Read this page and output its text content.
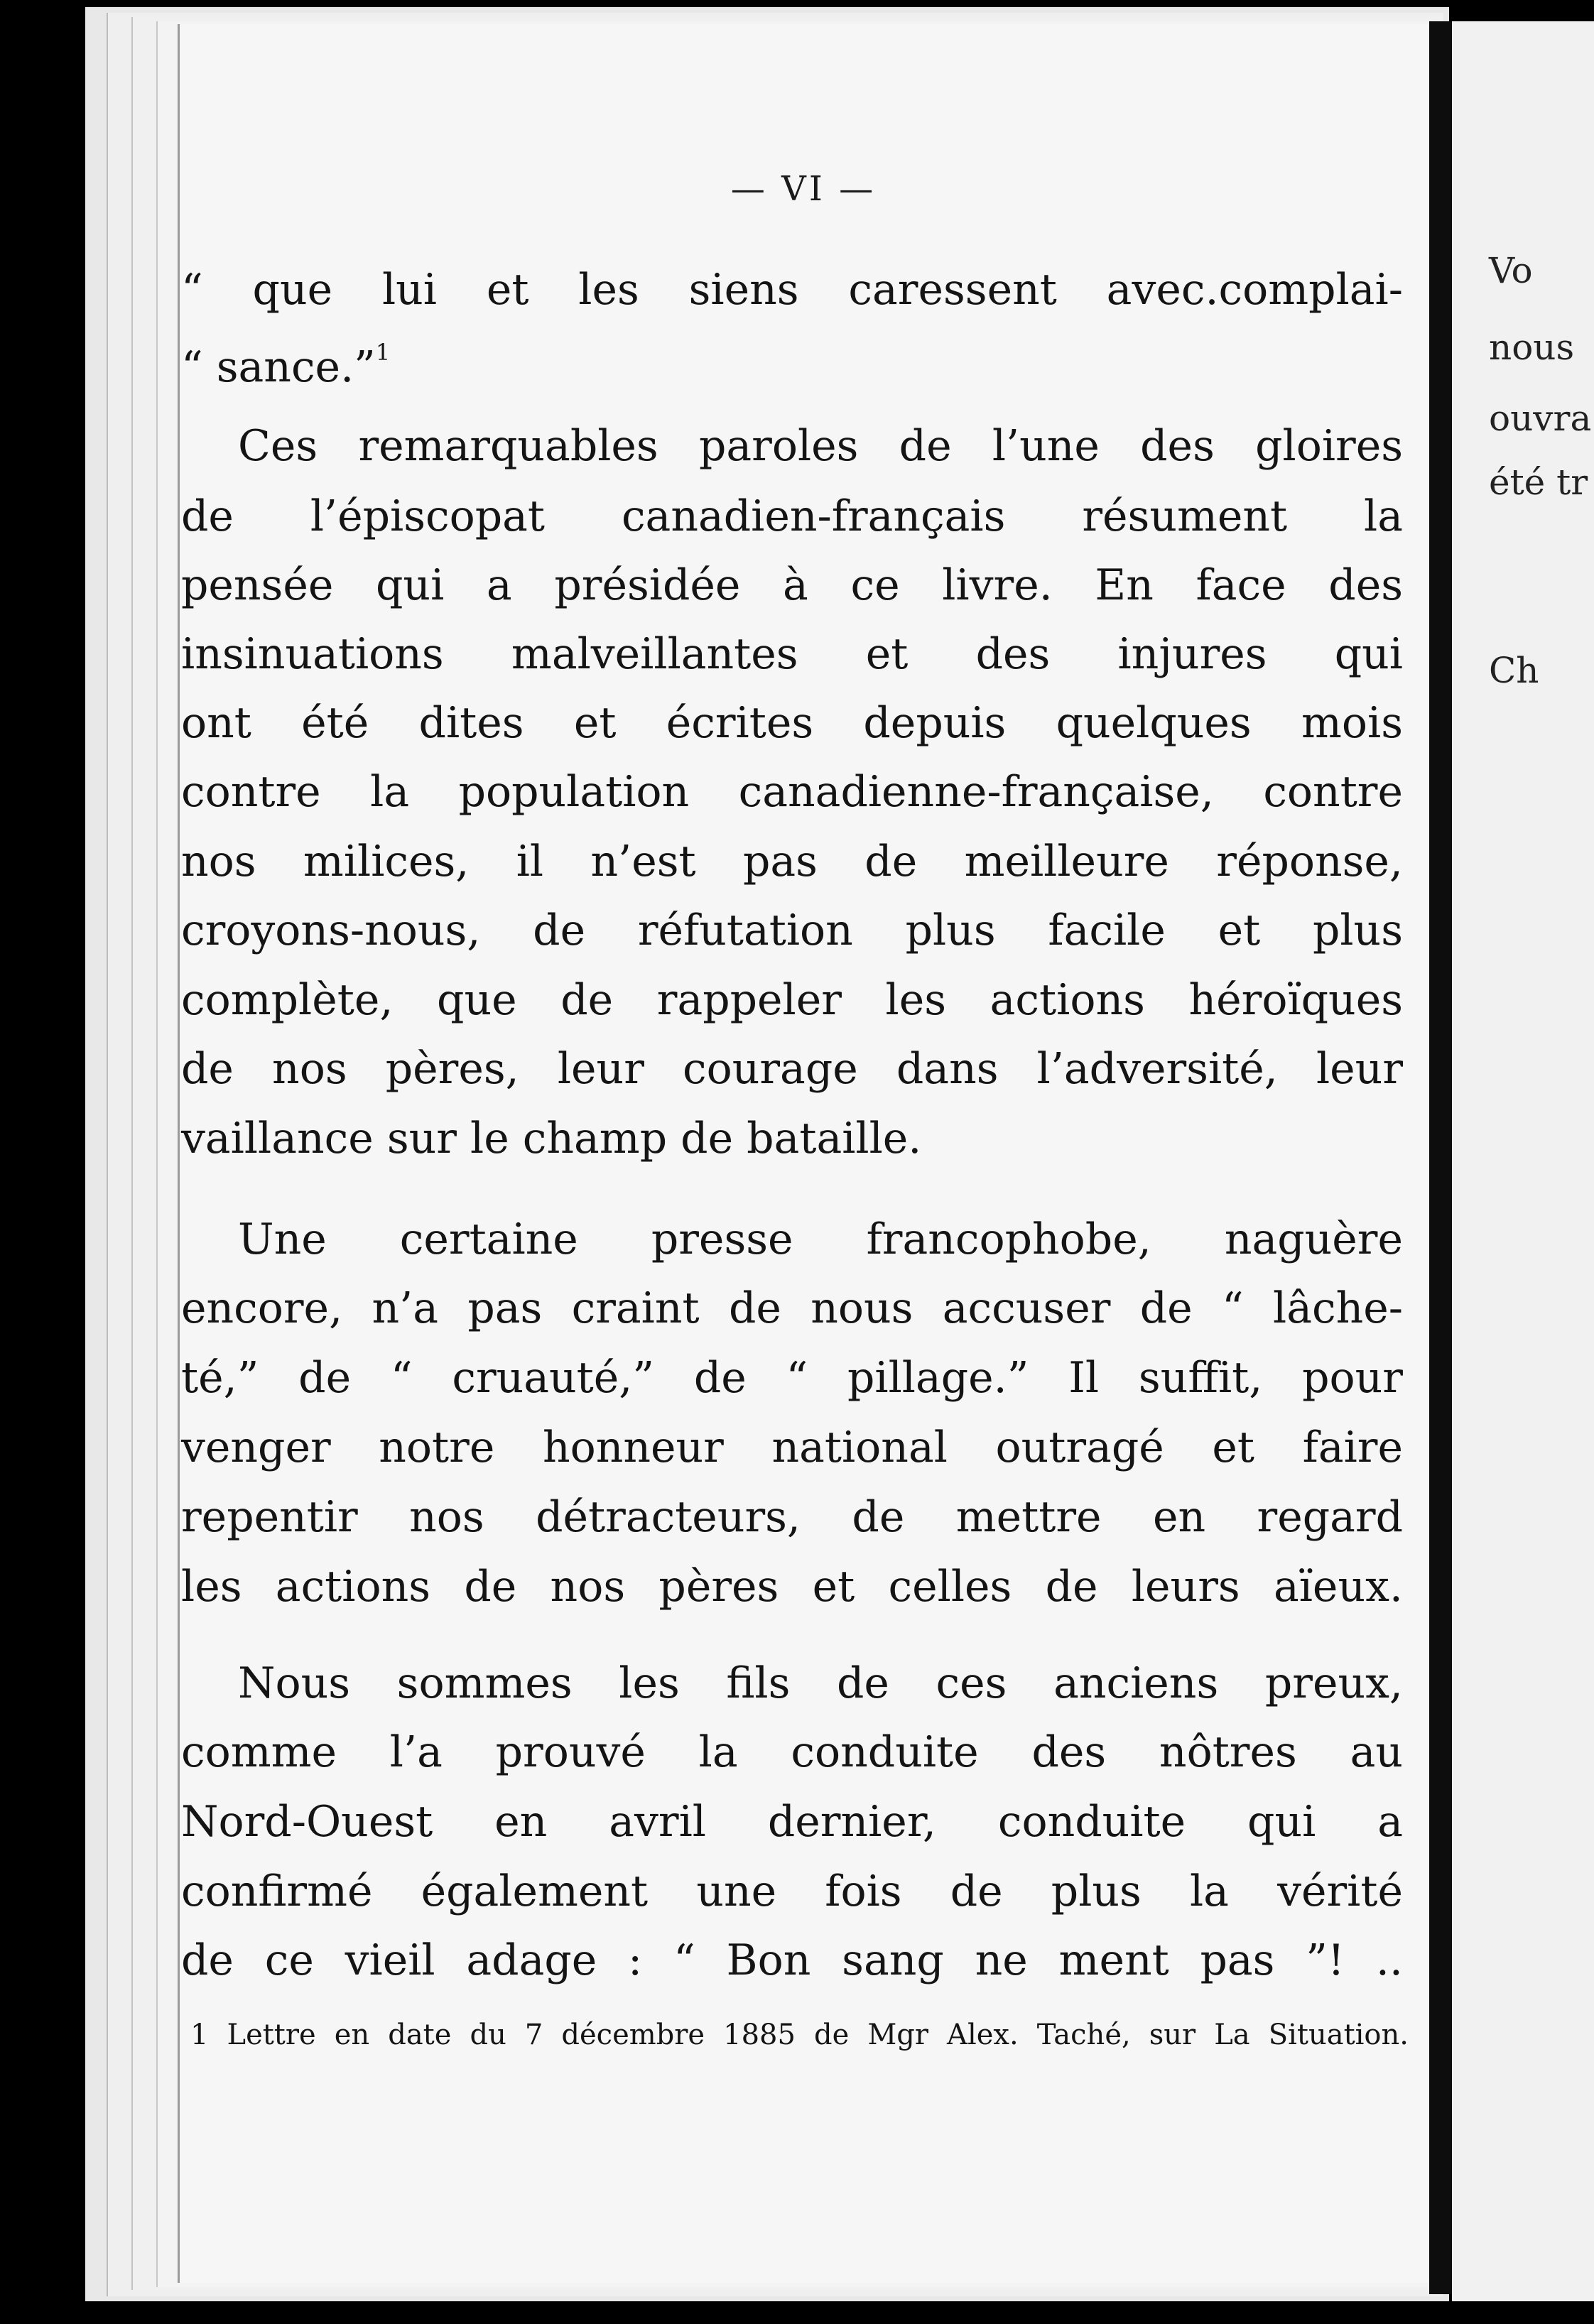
Vo
nous
ouvra
été tr
Ch
— VI —
“ que lui et les siens caressent avec.complai-
“ sance.”$^1$
Ces remarquables paroles de l’une des gloires
de l’épiscopat canadien-français résument la
pensée qui a présidée à ce livre. En face des
insinuations malveillantes et des injures qui
ont été dites et écrites depuis quelques mois
contre la population canadienne-française, contre
nos milices, il n’est pas de meilleure réponse,
croyons-nous, de réfutation plus facile et plus
complète, que de rappeler les actions héroïques
de nos pères, leur courage dans l’adversité, leur
vaillance sur le champ de bataille.
Une certaine presse francophobe, naguère
encore, n’a pas craint de nous accuser de “ lâche-
té,” de “ cruauté,” de “ pillage.” Il suffit, pour
venger notre honneur national outragé et faire
repentir nos détracteurs, de mettre en regard
les actions de nos pères et celles de leurs aïeux.
Nous sommes les fils de ces anciens preux,
comme l’a prouvé la conduite des nôtres au
Nord-Ouest en avril dernier, conduite qui a
confirmé également une fois de plus la vérité
de ce vieil adage : “ Bon sang ne ment pas ”! ..
1 Lettre en date du 7 décembre 1885 de Mgr Alex. Taché, sur La Situation.
